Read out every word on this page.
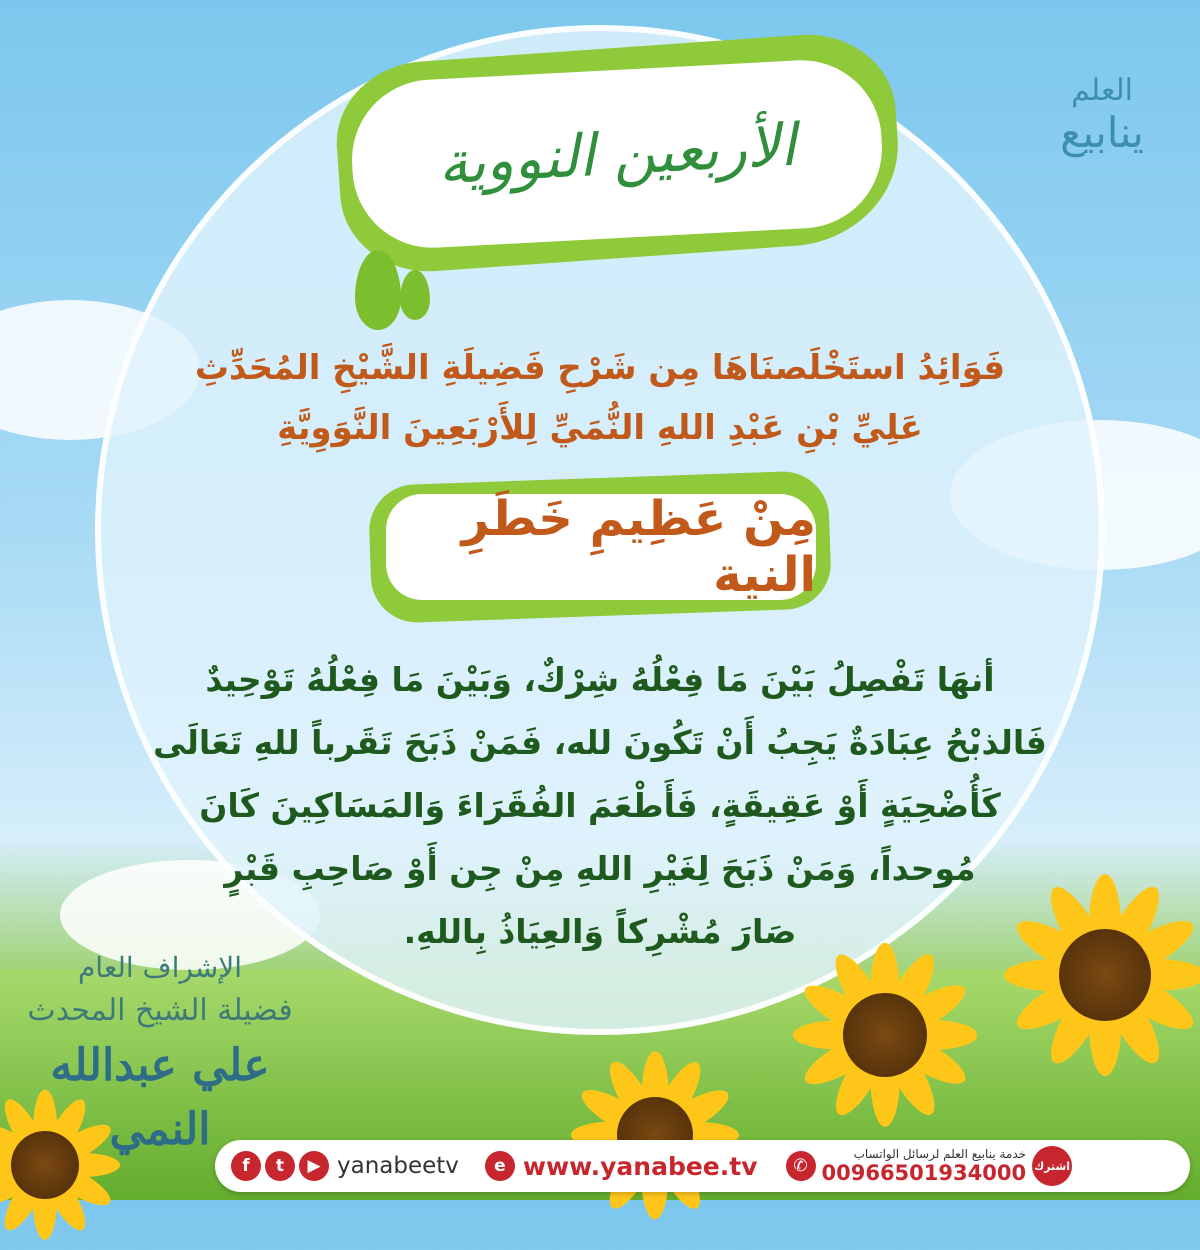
الأربعين النووية
العلم
ينابيع
فَوَائِدُ استَخْلَصنَاهَا مِن شَرْحِ فَضِيلَةِ الشَّيْخِ المُحَدِّثِ
عَلِيِّ بْنِ عَبْدِ اللهِ النُّمَيِّ لِلأَرْبَعِينَ النَّوَوِيَّةِ
مِنْ عَظِيمِ خَطَرِ النية
أنهَا تَفْصِلُ بَيْنَ مَا فِعْلُهُ شِرْكٌ، وَبَيْنَ مَا فِعْلُهُ تَوْحِيدٌ
فَالذبْحُ عِبَادَةٌ يَجِبُ أَنْ تَكُونَ لله، فَمَنْ ذَبَحَ تَقَرباً للهِ تَعَالَى
كَأُضْحِيَةٍ أَوْ عَقِيقَةٍ، فَأَطْعَمَ الفُقَرَاءَ وَالمَسَاكِينَ كَانَ
مُوحداً، وَمَنْ ذَبَحَ لِغَيْرِ اللهِ مِنْ جِن أَوْ صَاحِبِ قَبْرٍ
صَارَ مُشْرِكاً وَالعِيَاذُ بِاللهِ.
الإشراف العام
فضيلة الشيخ المحدث
علي عبدالله النمي
f	t	▶ yanabeetv	e www.yanabee.tv	✆
خدمة ينابيع العلم لرسائل الواتساب
00966501934000 اشترك
